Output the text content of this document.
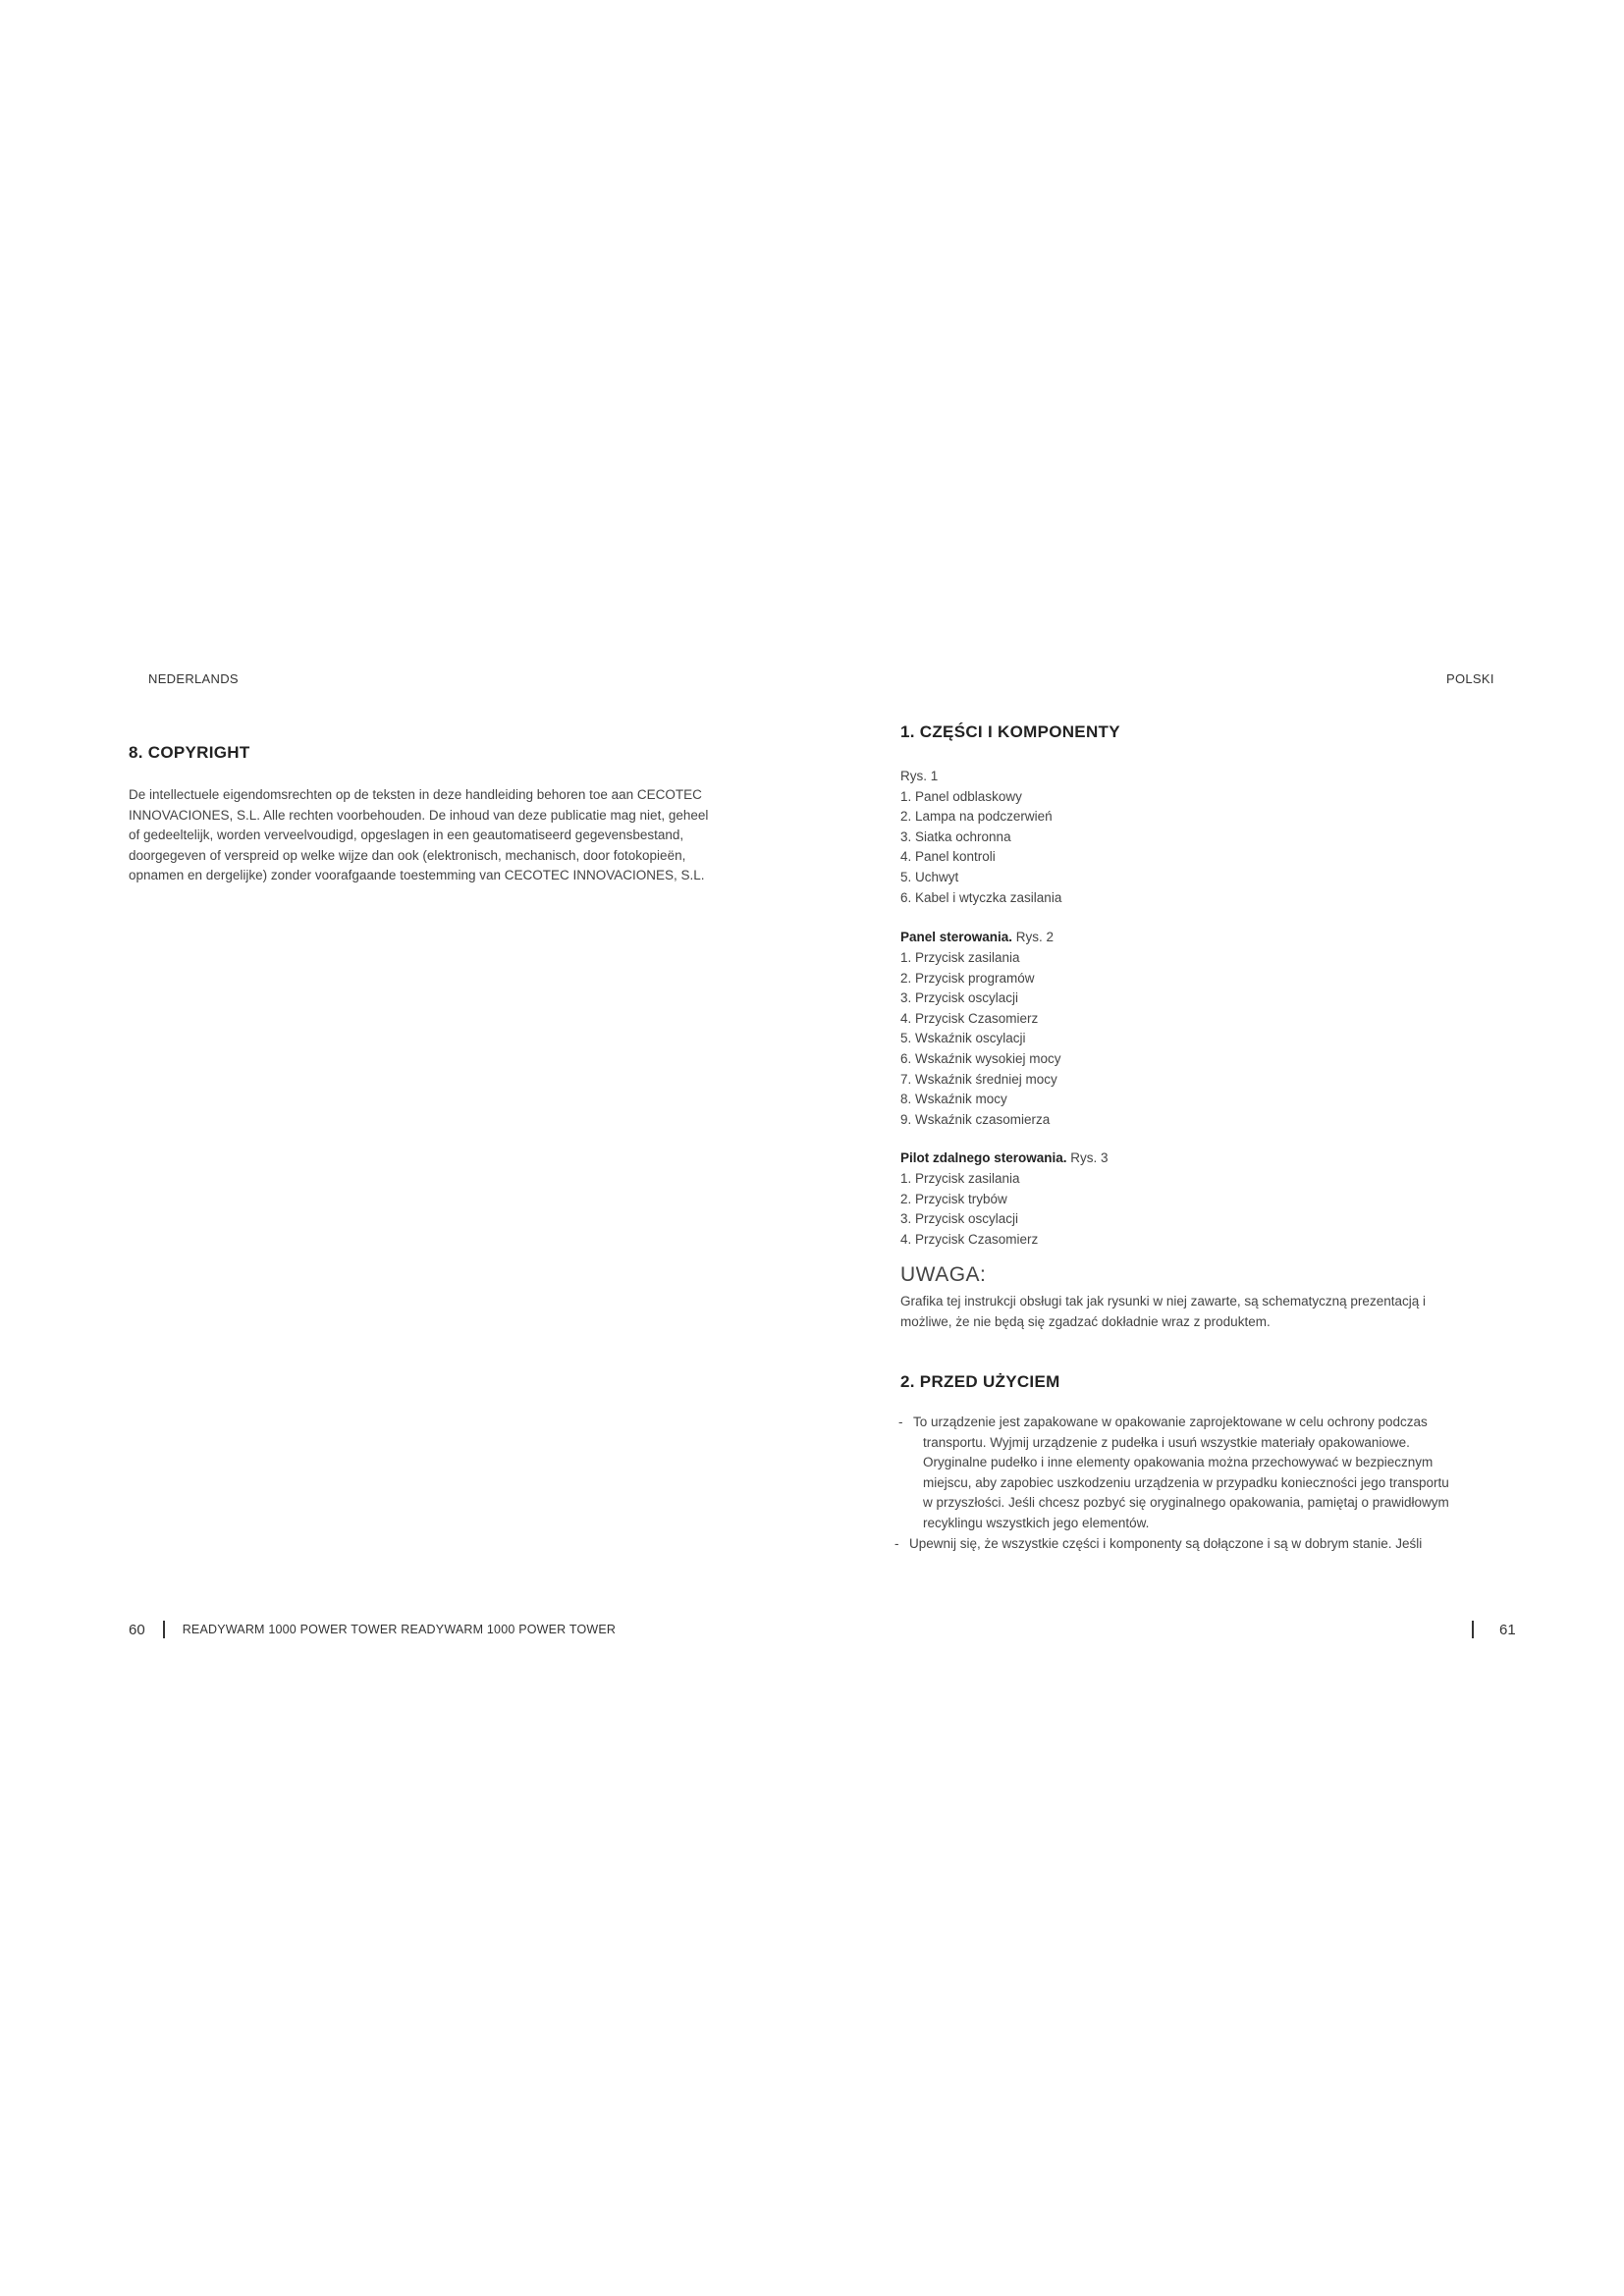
NEDERLANDS
8. COPYRIGHT
De intellectuele eigendomsrechten op de teksten in deze handleiding behoren toe aan CECOTEC
INNOVACIONES, S.L. Alle rechten voorbehouden. De inhoud van deze publicatie mag niet, geheel
of gedeeltelijk, worden verveelvoudigd, opgeslagen in een geautomatiseerd gegevensbestand,
doorgegeven of verspreid op welke wijze dan ook (elektronisch, mechanisch, door fotokopieën,
opnamen en dergelijke) zonder voorafgaande toestemming van CECOTEC INNOVACIONES, S.L.
60	READYWARM 1000 POWER TOWER READYWARM 1000 POWER TOWER
POLSKI
1. CZĘŚCI I KOMPONENTY
Rys. 1
1. Panel odblaskowy
2. Lampa na podczerwień
3. Siatka ochronna
4. Panel kontroli
5. Uchwyt
6. Kabel i wtyczka zasilania
Panel sterowania. Rys. 2
1. Przycisk zasilania
2. Przycisk programów
3. Przycisk oscylacji
4. Przycisk Czasomierz
5. Wskaźnik oscylacji
6. Wskaźnik wysokiej mocy
7. Wskaźnik średniej mocy
8. Wskaźnik mocy
9. Wskaźnik czasomierza
Pilot zdalnego sterowania. Rys. 3
1. Przycisk zasilania
2. Przycisk trybów
3. Przycisk oscylacji
4. Przycisk Czasomierz
UWAGA:
Grafika tej instrukcji obsługi tak jak rysunki w niej zawarte, są schematyczną prezentacją i
możliwe, że nie będą się zgadzać dokładnie wraz z produktem.
2. PRZED UŻYCIEM
- To urządzenie jest zapakowane w opakowanie zaprojektowane w celu ochrony podczas
transportu. Wyjmij urządzenie z pudełka i usuń wszystkie materiały opakowaniowe.
Oryginalne pudełko i inne elementy opakowania można przechowywać w bezpiecznym
miejscu, aby zapobiec uszkodzeniu urządzenia w przypadku konieczności jego transportu
w przyszłości. Jeśli chcesz pozbyć się oryginalnego opakowania, pamiętaj o prawidłowym
recyklingu wszystkich jego elementów.
- Upewnij się, że wszystkie części i komponenty są dołączone i są w dobrym stanie. Jeśli
61
